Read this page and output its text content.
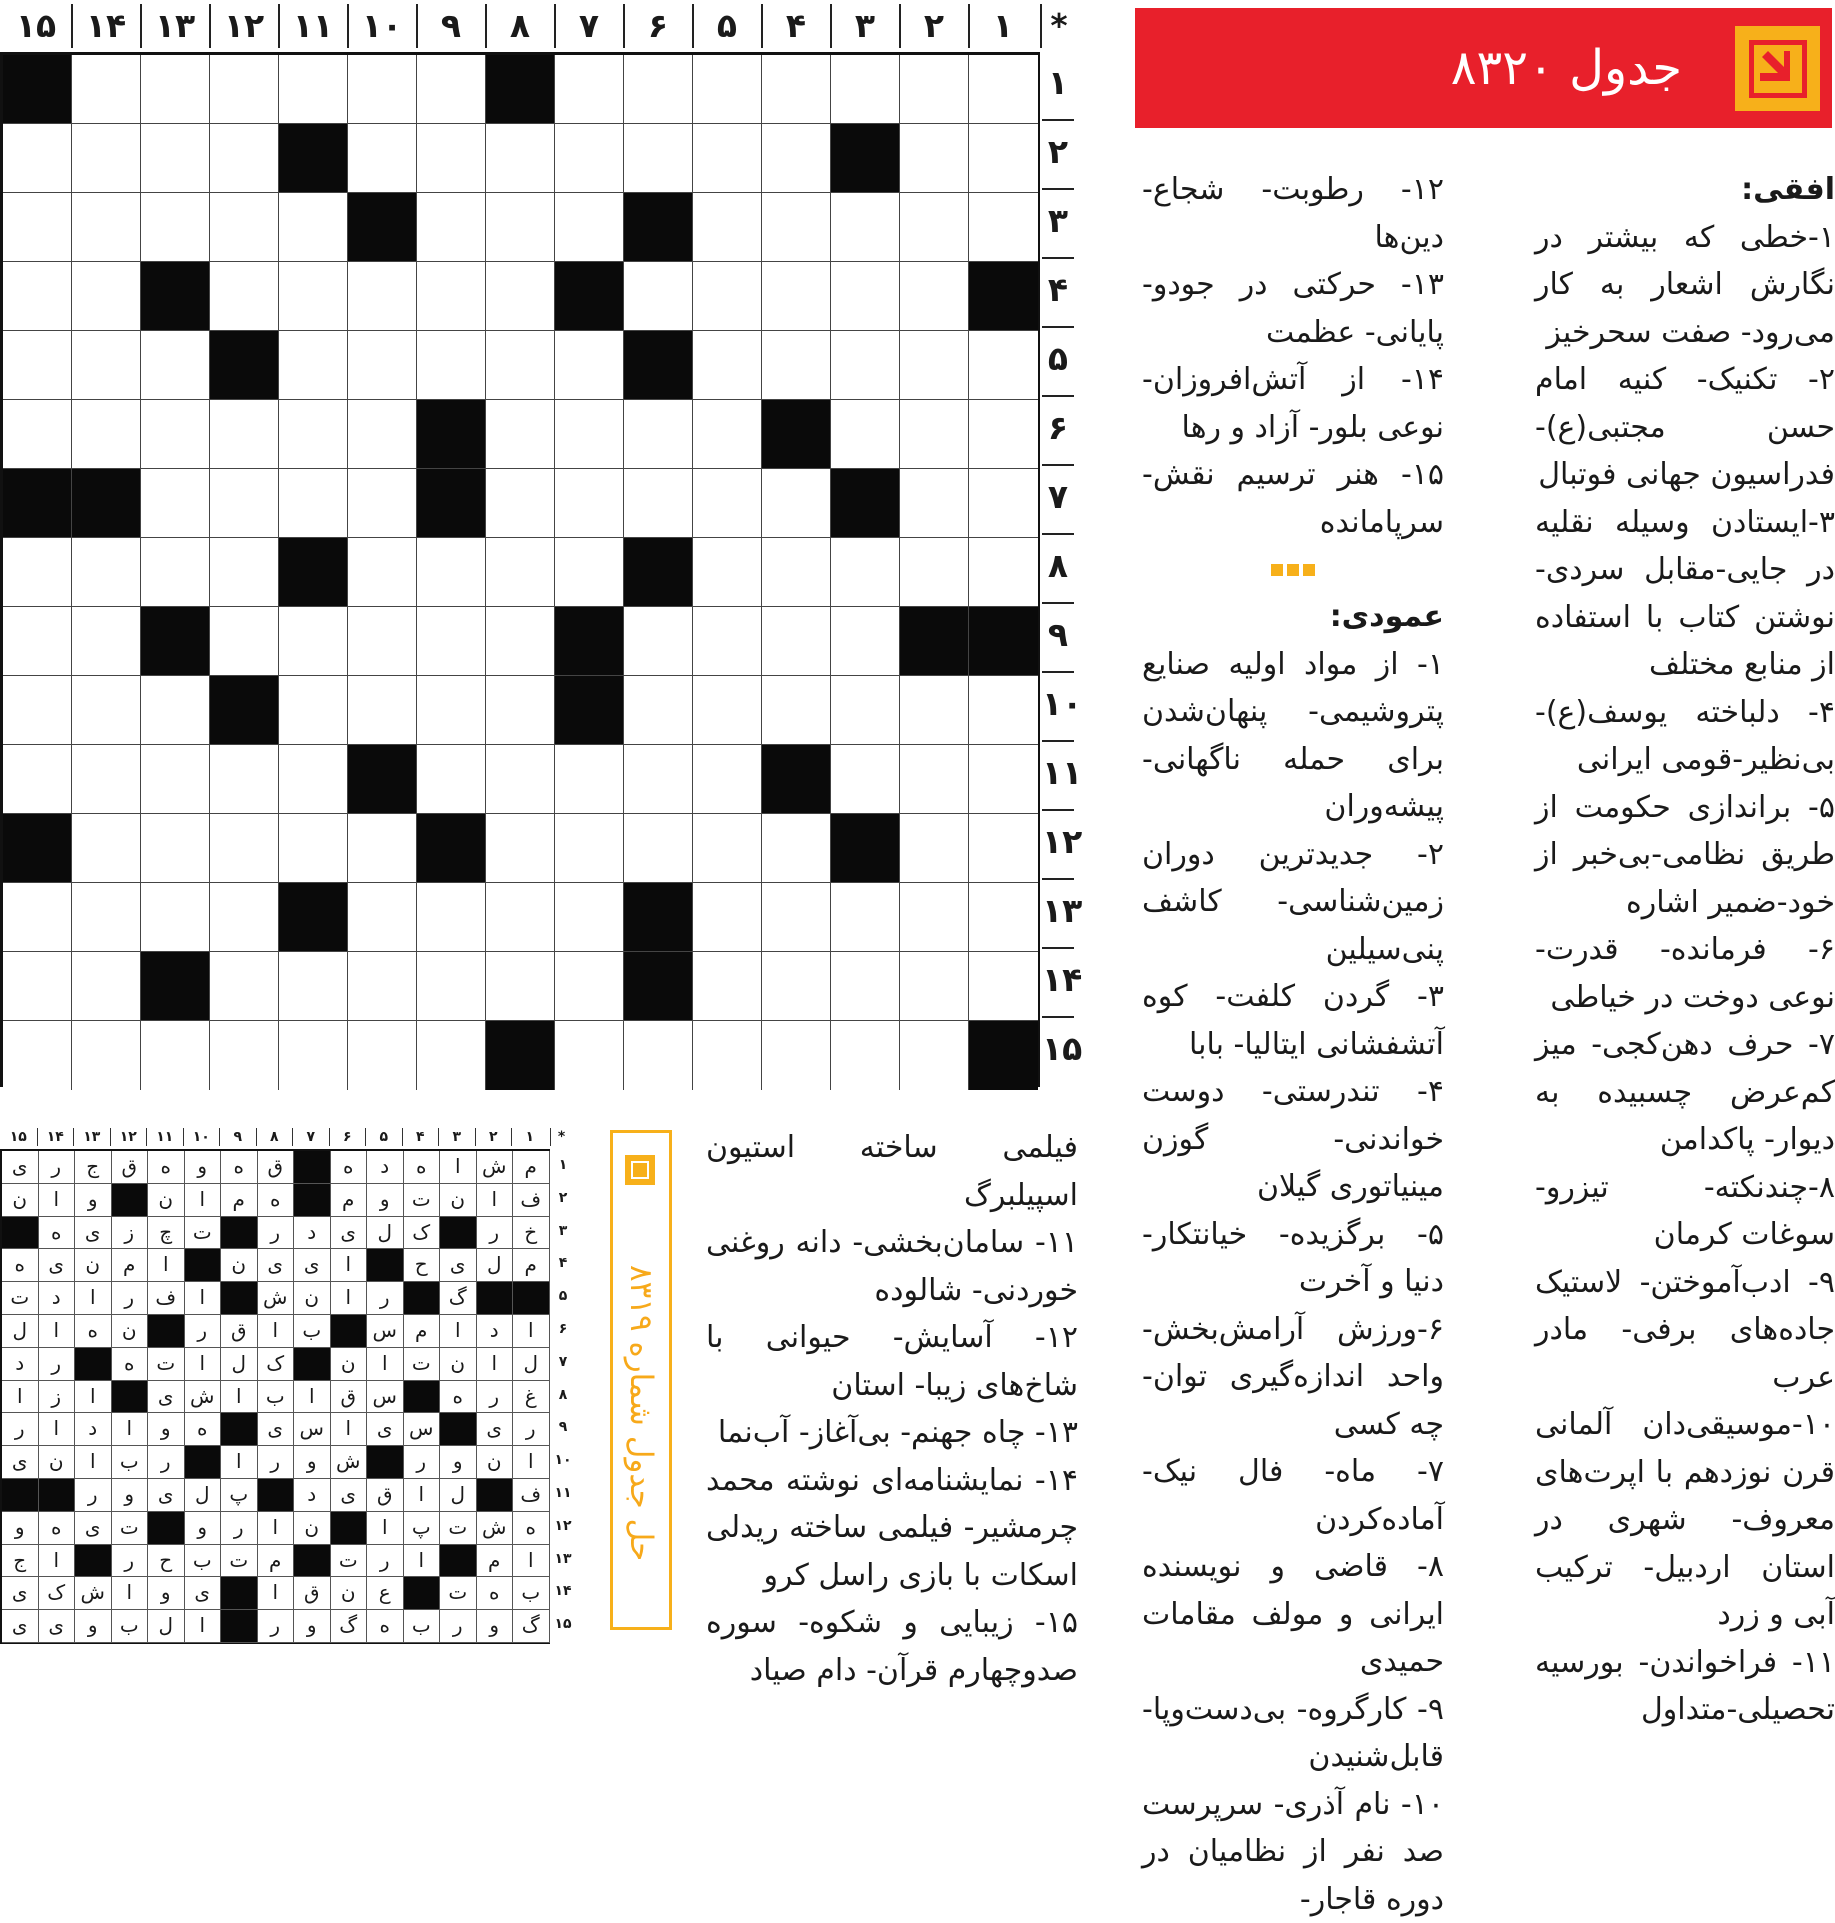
*
۱
۲
۳
۴
۵
۶
۷
۸
۹
۱۰
۱۱
۱۲
۱۳
۱۴
۱۵
۱
۲
۳
۴
۵
۶
۷
۸
۹
۱۰
۱۱
۱۲
۱۳
۱۴
۱۵
جدول ۸۳۲۰

افقی:

۱-خطی که بیشتر در نگارش اشعار به کار می‌رود- صفت سحرخیز

۲- تکنیک- کنیه امام حسن مجتبی(ع)- فدراسیون جهانی فوتبال

۳-ایستادن وسیله نقلیه در جایی-مقابل سردی-نوشتن کتاب با استفاده از منابع مختلف

۴- دلباخته یوسف(ع)- بی‌نظیر-قومی ایرانی

۵- براندازی حکومت از طریق نظامی-بی‌خبر از خود-ضمیر اشاره

۶- فرمانده- قدرت- نوعی دوخت در خیاطی

۷- حرف دهن‌کجی- میز کم‌عرض چسبیده به دیوار- پاکدامن

۸-چندنکته- تیزرو- سوغات کرمان

۹- ادب‌آموختن- لاستیک جاده‌های برفی- مادر عرب

۱۰-موسیقی‌دان آلمانی قرن نوزدهم با اپرت‌های معروف- شهری در استان اردبیل- ترکیب آبی و زرد

۱۱- فراخواندن- بورسیه تحصیلی-متداول

۱۲- رطوبت- شجاع- دین‌ها

۱۳- حرکتی در جودو- پایانی- عظمت

۱۴- از آتش‌افروزان- نوعی بلور- آزاد و رها

۱۵- هنر ترسیم نقش- سرپامانده

عمودی:

۱- از مواد اولیه صنایع پتروشیمی- پنهان‌شدن برای حمله ناگهانی- پیشه‌وران

۲- جدیدترین دوران زمین‌شناسی- کاشف پنی‌سیلین

۳- گردن کلفت- کوه آتشفشانی ایتالیا- بابا

۴- تندرستی- دوست خواندنی- گوزن مینیاتوری گیلان

۵- برگزیده- خیانتکار- دنیا و آخرت

۶-ورزش آرامش‌بخش- واحد اندازه‌گیری توان- چه کسی

۷- ماه- فال نیک- آماده‌کردن

۸- قاضی و نویسنده ایرانی و مولف مقامات حمیدی

۹- کارگروه- بی‌دست‌وپا- قابل‌شنیدن

۱۰- نام آذری- سرپرست صد نفر از نظامیان در دوره قاجار-

فیلمی ساخته استیون اسپیلبرگ

۱۱- سامان‌بخشی- دانه روغنی خوردنی- شالوده

۱۲- آسایش- حیوانی با شاخ‌های زیبا- استان

۱۳- چاه جهنم- بی‌آغاز- آب‌نما

۱۴- نمایشنامه‌ای نوشته محمد چرمشیر- فیلمی ساخته ریدلی اسکات با بازی راسل کرو

۱۵- زیبایی و شکوه- سوره صدوچهارم قرآن- دام صیاد

حل جدول شماره ۸۳۱۹
*
۱
۲
۳
۴
۵
۶
۷
۸
۹
۱۰
۱۱
۱۲
۱۳
۱۴
۱۵
م
ش
ا
ه
د
ه
ق
ه
و
ه
ق
ج
ر
ی
ف
ا
ن
ت
و
م
ه
م
ا
ن
و
ا
ن
خ
ر
ک
ل
ی
د
ر
ت
چ
ز
ی
ه
م
ل
ی
ح
ا
ی
ی
ن
ا
م
ن
ی
ه
گ
ر
ا
ن
ش
ا
ف
ر
ا
د
ت
ا
د
ا
م
س
ب
ا
ق
ر
ن
ه
ا
ل
ل
ا
ن
ت
ا
ن
ک
ل
ا
ت
ه
ر
د
غ
ر
ه
س
ق
ا
ب
ا
ش
ی
ا
ز
ا
ر
ی
س
ی
ا
س
ی
ه
و
ا
د
ا
ر
ا
ن
و
ر
ش
و
ر
ا
ر
ب
ا
ن
ی
ف
ل
ا
ق
ی
د
پ
ل
ی
و
ر
ه
ش
ت
پ
ا
ن
ا
ر
و
ت
ی
ه
و
ا
م
ا
ر
ت
م
ت
ب
ح
ر
ا
ج
ب
ه
ت
ع
ن
ق
ا
ی
و
ا
ش
ک
ی
گ
و
ر
ب
ه
گ
و
ر
ا
ل
ب
و
ی
ی
۱
۲
۳
۴
۵
۶
۷
۸
۹
۱۰
۱۱
۱۲
۱۳
۱۴
۱۵
